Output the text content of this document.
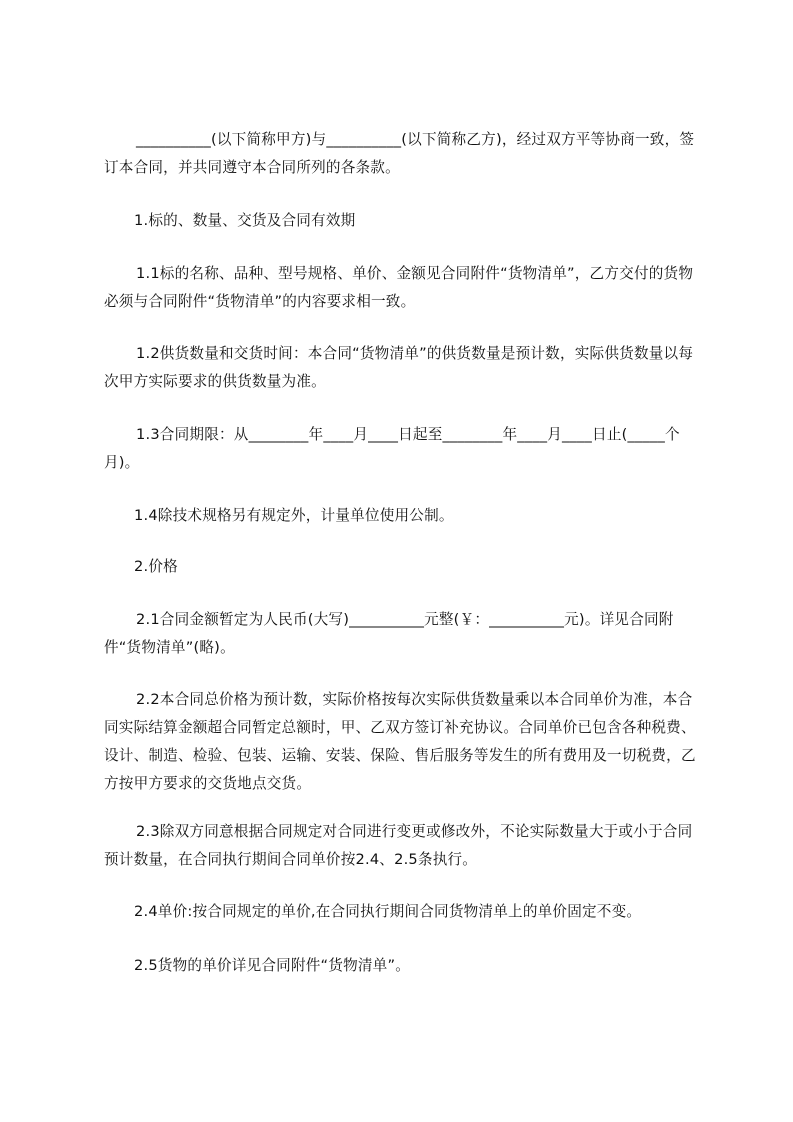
__________(以下简称甲方)与__________(以下简称乙方)，经过双方平等协商一致，签订本合同，并共同遵守本合同所列的各条款。

1.标的、数量、交货及合同有效期

1.1标的名称、品种、型号规格、单价、金额见合同附件“货物清单”，乙方交付的货物必须与合同附件“货物清单”的内容要求相一致。

1.2供货数量和交货时间：本合同“货物清单”的供货数量是预计数，实际供货数量以每次甲方实际要求的供货数量为准。

1.3合同期限：从________年____月____日起至________年____月____日止(_____个月)。

1.4除技术规格另有规定外，计量单位使用公制。

2.价格

2.1合同金额暂定为人民币(大写)__________元整(￥：__________元)。详见合同附件“货物清单”(略)。

2.2本合同总价格为预计数，实际价格按每次实际供货数量乘以本合同单价为准，本合同实际结算金额超合同暂定总额时，甲、乙双方签订补充协议。合同单价已包含各种税费、设计、制造、检验、包装、运输、安装、保险、售后服务等发生的所有费用及一切税费，乙方按甲方要求的交货地点交货。

2.3除双方同意根据合同规定对合同进行变更或修改外，不论实际数量大于或小于合同预计数量，在合同执行期间合同单价按2.4、2.5条执行。

2.4单价:按合同规定的单价,在合同执行期间合同货物清单上的单价固定不变。

2.5货物的单价详见合同附件“货物清单”。
